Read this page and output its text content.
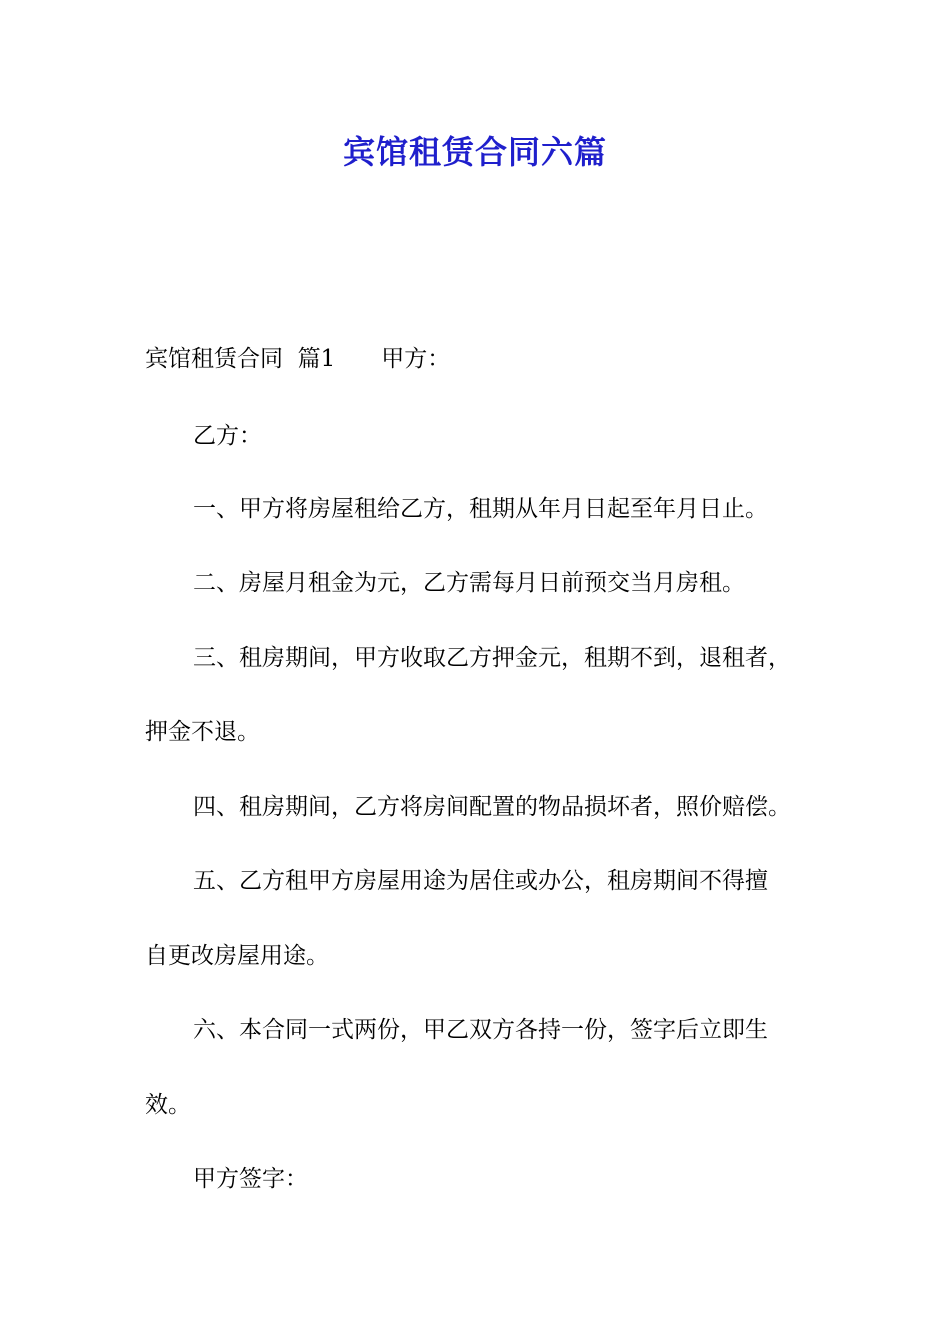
宾馆租赁合同六篇

宾馆租赁合同  篇1 甲方：

乙方：

一、甲方将房屋租给乙方，租期从年月日起至年月日止。

二、房屋月租金为元，乙方需每月日前预交当月房租。

三、租房期间，甲方收取乙方押金元，租期不到，退租者，

押金不退。

四、租房期间，乙方将房间配置的物品损坏者，照价赔偿。

五、乙方租甲方房屋用途为居住或办公，租房期间不得擅

自更改房屋用途。

六、本合同一式两份，甲乙双方各持一份，签字后立即生

效。

甲方签字：
